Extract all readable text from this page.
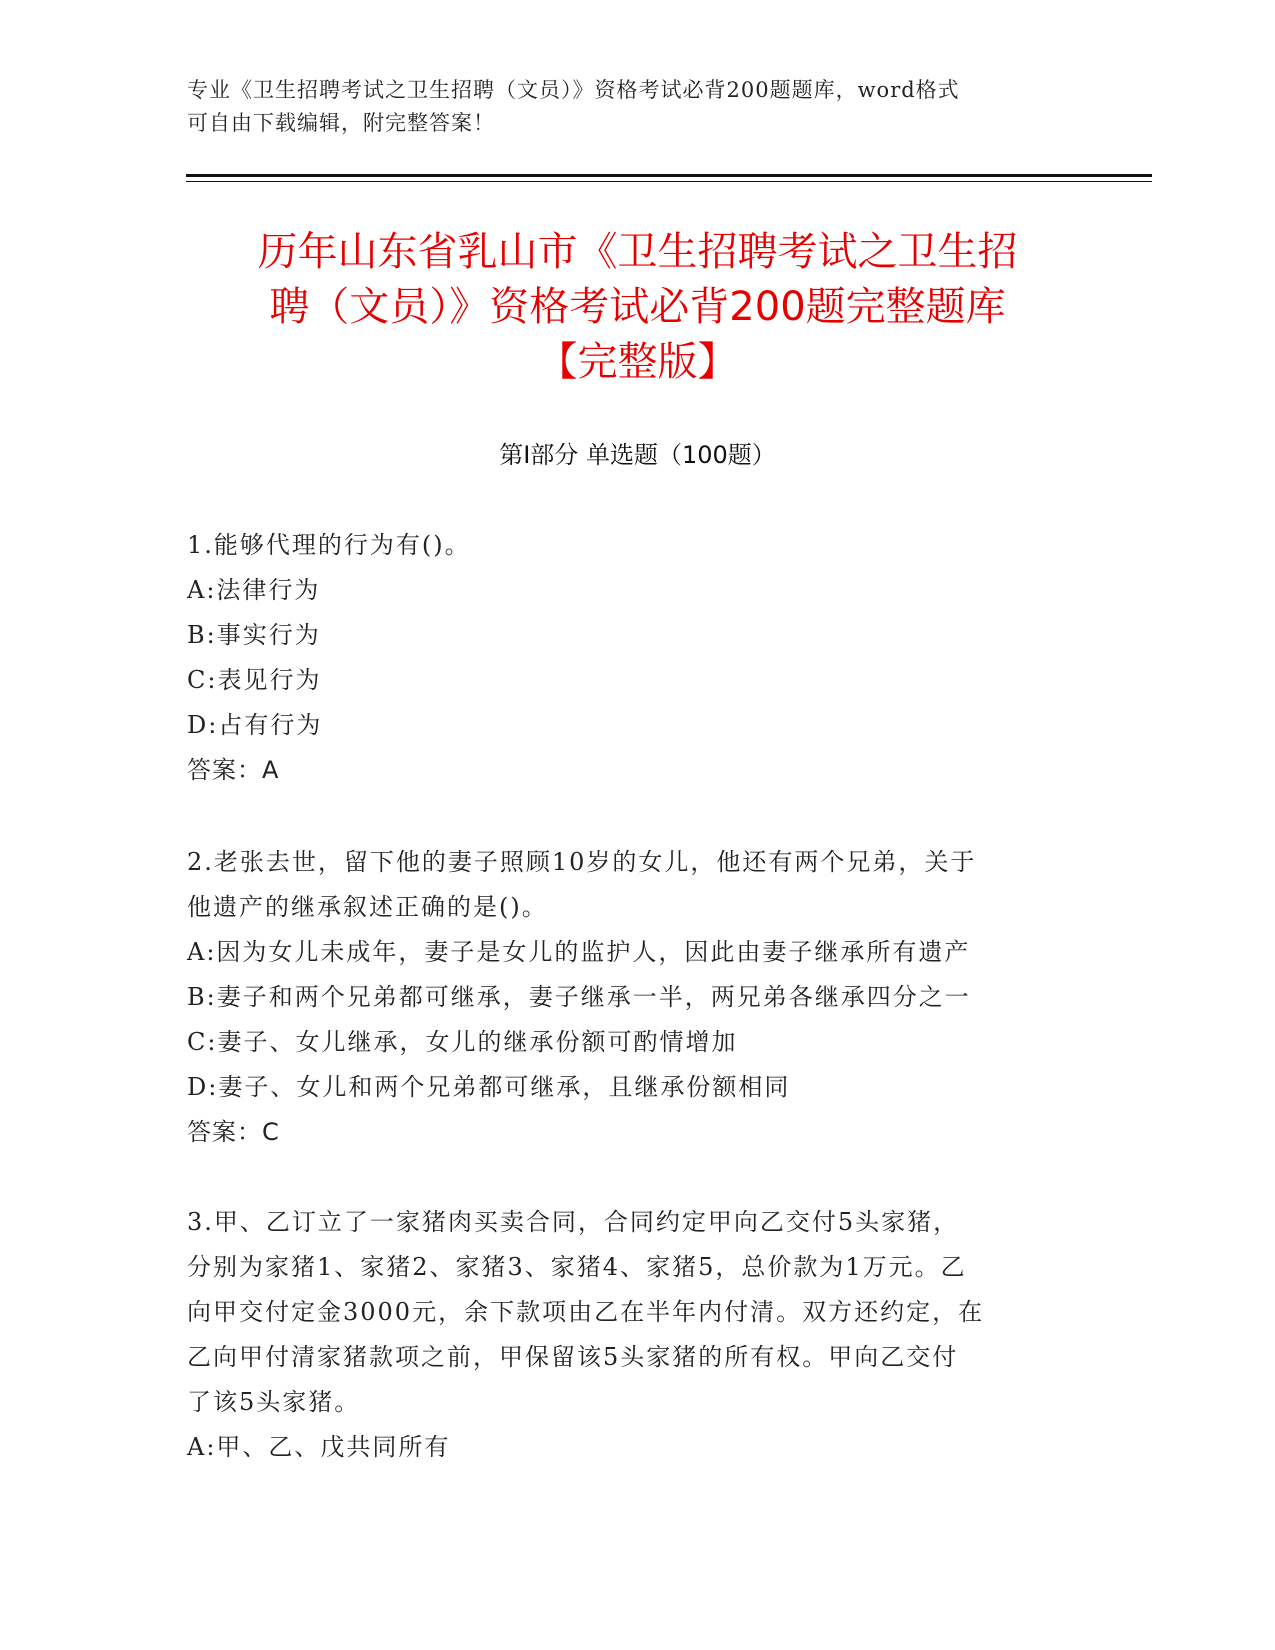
专业《卫生招聘考试之卫生招聘（文员）》资格考试必背200题题库，word格式
可自由下载编辑，附完整答案！
历年山东省乳山市《卫生招聘考试之卫生招
聘（文员）》资格考试必背200题完整题库
【完整版】
第Ⅰ部分 单选题（100题）
1.能够代理的行为有()。
A:法律行为
B:事实行为
C:表见行为
D:占有行为
答案：A
2.老张去世，留下他的妻子照顾10岁的女儿，他还有两个兄弟，关于
他遗产的继承叙述正确的是()。
A:因为女儿未成年，妻子是女儿的监护人，因此由妻子继承所有遗产
B:妻子和两个兄弟都可继承，妻子继承一半，两兄弟各继承四分之一
C:妻子、女儿继承，女儿的继承份额可酌情增加
D:妻子、女儿和两个兄弟都可继承，且继承份额相同
答案：C
3.甲、乙订立了一家猪肉买卖合同，合同约定甲向乙交付5头家猪，
分别为家猪1、家猪2、家猪3、家猪4、家猪5，总价款为1万元。乙
向甲交付定金3000元，余下款项由乙在半年内付清。双方还约定，在
乙向甲付清家猪款项之前，甲保留该5头家猪的所有权。甲向乙交付
了该5头家猪。
A:甲、乙、戊共同所有
